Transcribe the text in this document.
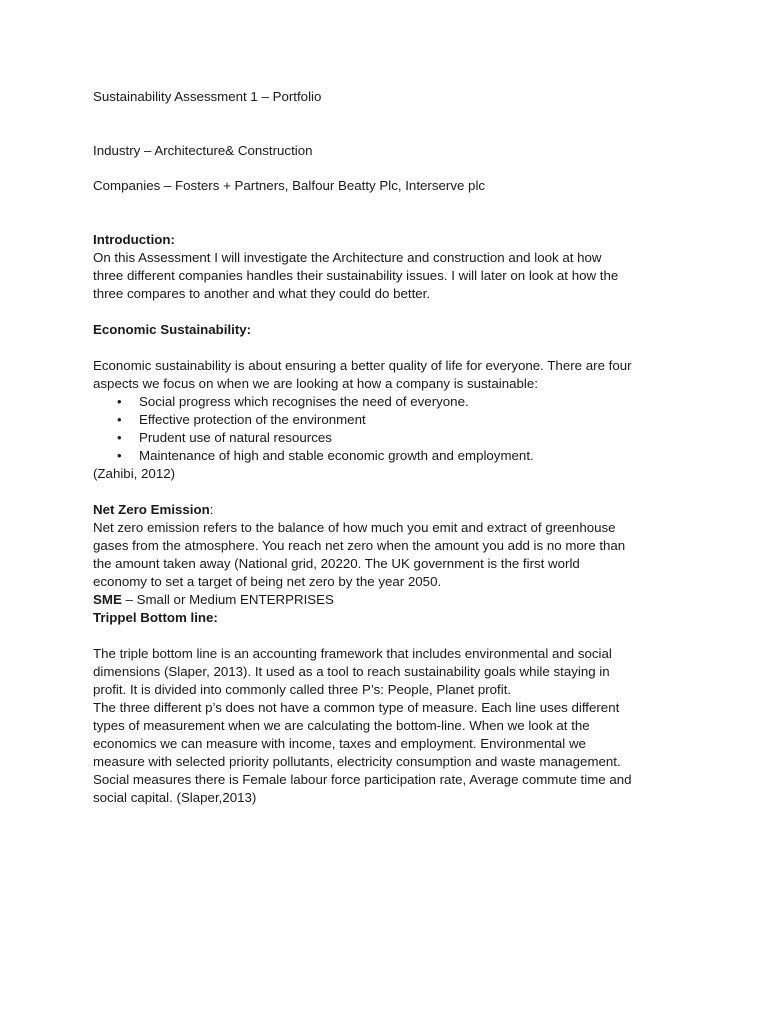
Sustainability Assessment 1 – Portfolio

Industry – Architecture& Construction

Companies – Fosters + Partners, Balfour Beatty Plc, Interserve plc

Introduction:

On this Assessment I will investigate the Architecture and construction and look at how

three different companies handles their sustainability issues. I will later on look at how the

three compares to another and what they could do better.

Economic Sustainability:

Economic sustainability is about ensuring a better quality of life for everyone. There are four

aspects we focus on when we are looking at how a company is sustainable:

• Social progress which recognises the need of everyone.
• Effective protection of the environment
• Prudent use of natural resources
• Maintenance of high and stable economic growth and employment.

(Zahibi, 2012)

Net Zero Emission:

Net zero emission refers to the balance of how much you emit and extract of greenhouse

gases from the atmosphere. You reach net zero when the amount you add is no more than

the amount taken away (National grid, 20220. The UK government is the first world

economy to set a target of being net zero by the year 2050.

SME – Small or Medium ENTERPRISES

Trippel Bottom line:

The triple bottom line is an accounting framework that includes environmental and social

dimensions (Slaper, 2013). It used as a tool to reach sustainability goals while staying in

profit. It is divided into commonly called three P’s: People, Planet profit.

The three different p’s does not have a common type of measure. Each line uses different

types of measurement when we are calculating the bottom-line. When we look at the

economics we can measure with income, taxes and employment. Environmental we

measure with selected priority pollutants, electricity consumption and waste management.

Social measures there is Female labour force participation rate, Average commute time and

social capital. (Slaper,2013)
